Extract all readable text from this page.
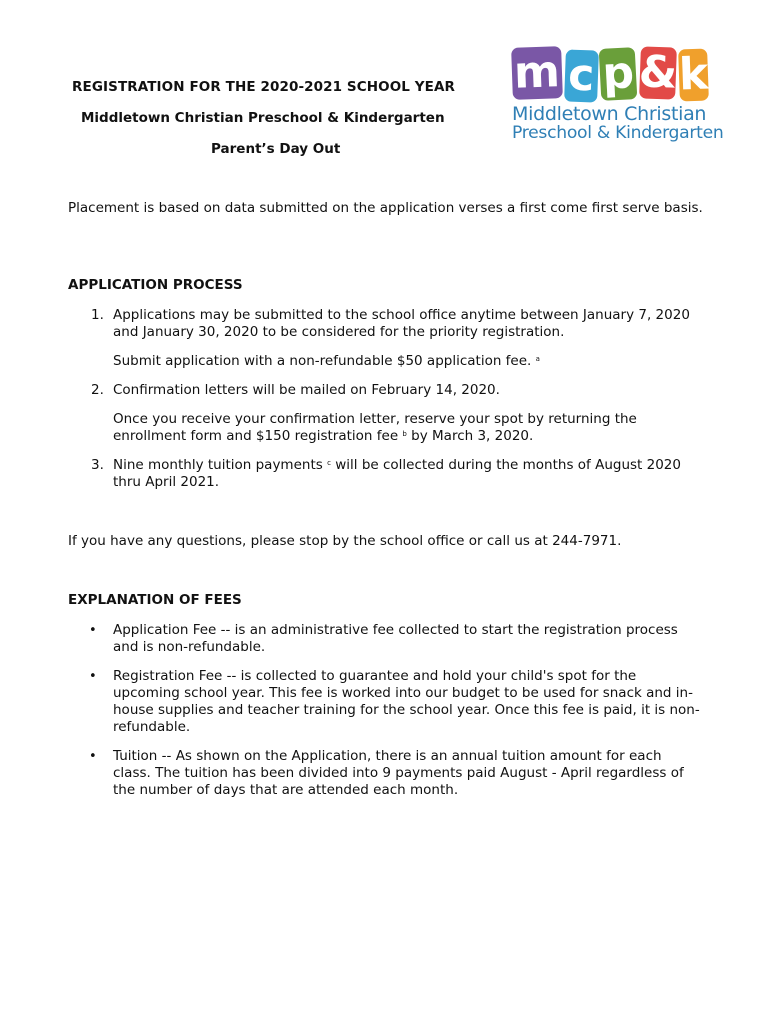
REGISTRATION FOR THE 2020-2021 SCHOOL YEAR
Middletown Christian Preschool & Kindergarten
Parent’s Day Out
m c p & k
Middletown Christian
Preschool & Kindergarten

Placement is based on data submitted on the application verses a first come first serve basis.

APPLICATION PROCESS
1. Applications may be submitted to the school office anytime between January 7, 2020 and January 30, 2020 to be considered for the priority registration.

Submit application with a non-refundable $50 application fee. $^a$

2. Confirmation letters will be mailed on February 14, 2020.

Once you receive your confirmation letter, reserve your spot by returning the enrollment form and $150 registration fee $^b$ by March 3, 2020.

3. Nine monthly tuition payments $^c$ will be collected during the months of August 2020 thru April 2021.

If you have any questions, please stop by the school office or call us at 244-7971.

EXPLANATION OF FEES
• Application Fee -- is an administrative fee collected to start the registration process and is non-refundable.
• Registration Fee -- is collected to guarantee and hold your child's spot for the upcoming school year. This fee is worked into our budget to be used for snack and in-house supplies and teacher training for the school year. Once this fee is paid, it is non-refundable.
• Tuition -- As shown on the Application, there is an annual tuition amount for each class. The tuition has been divided into 9 payments paid August - April regardless of the number of days that are attended each month.
